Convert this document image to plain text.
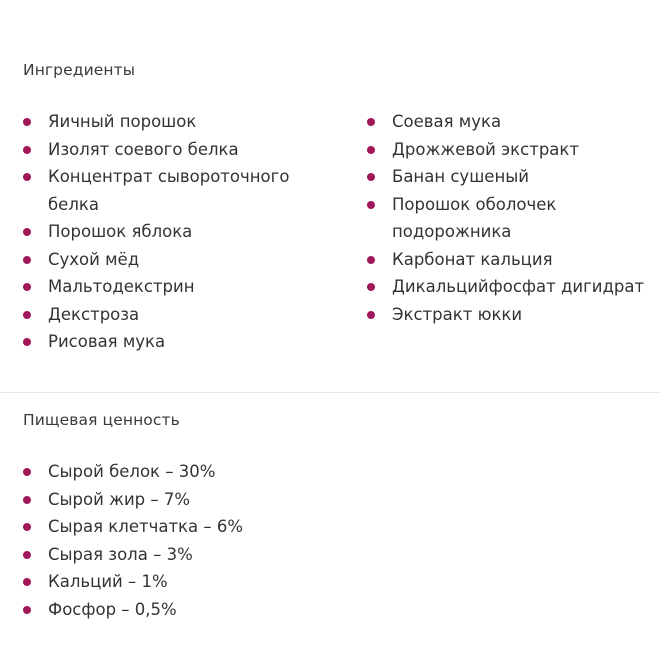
Ингредиенты
Яичный порошок
Изолят соевого белка
Концентрат сывороточного белка
Порошок яблока
Сухой мёд
Мальтодекстрин
Декстроза
Рисовая мука
Соевая мука
Дрожжевой экстракт
Банан сушеный
Порошок оболочек подорожника
Карбонат кальция
Дикальцийфосфат дигидрат
Экстракт юкки
Пищевая ценность
Сырой белок – 30%
Сырой жир – 7%
Сырая клетчатка – 6%
Сырая зола – 3%
Кальций – 1%
Фосфор – 0,5%
